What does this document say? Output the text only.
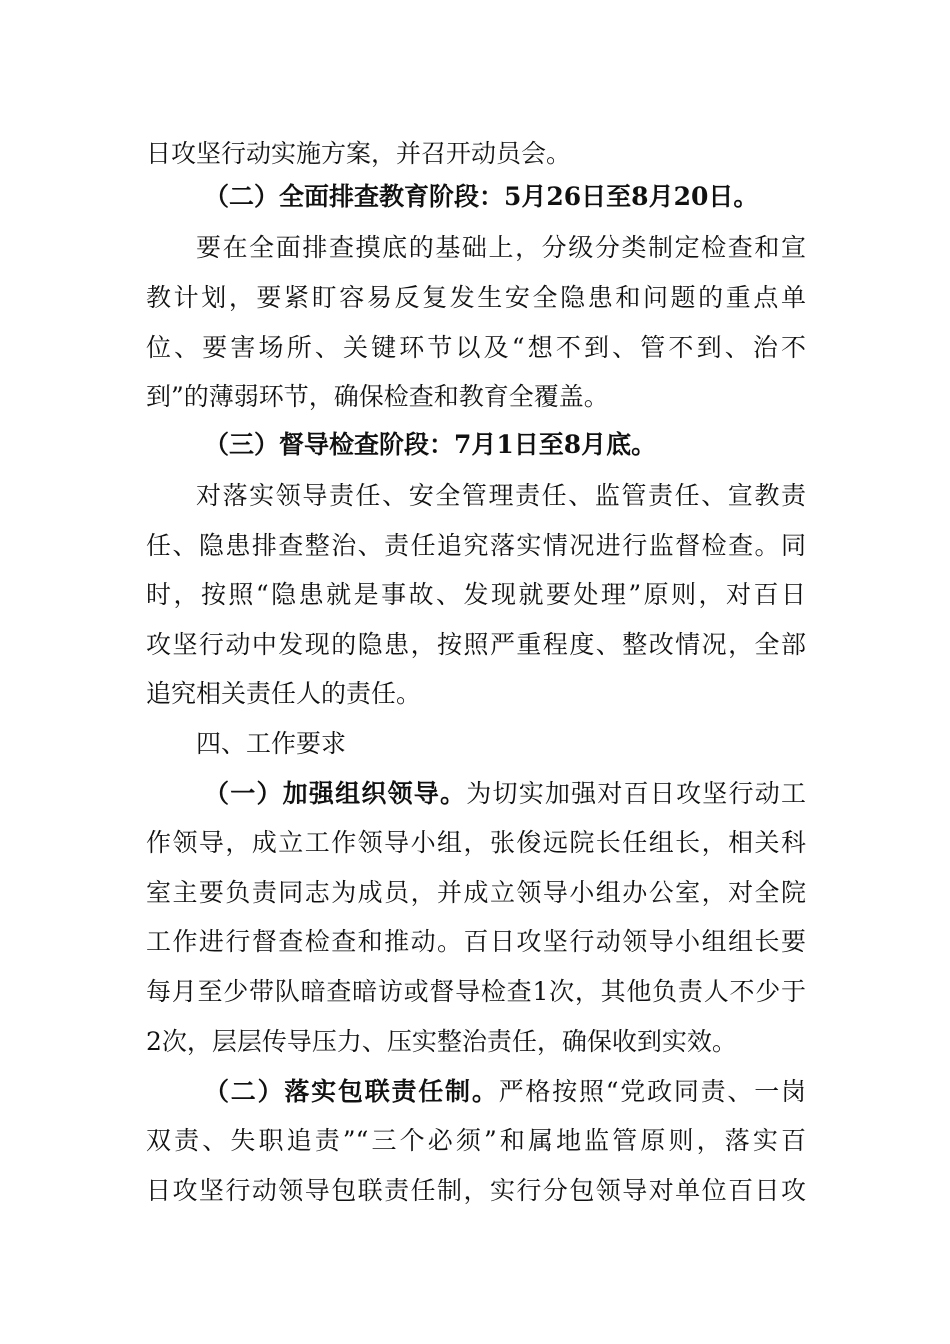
日攻坚行动实施方案，并召开动员会。
（二）全面排查教育阶段：5月26日至8月20日。
要在全面排查摸底的基础上，分级分类制定检查和宣
教计划，要紧盯容易反复发生安全隐患和问题的重点单
位、要害场所、关键环节以及“想不到、管不到、治不
到”的薄弱环节，确保检查和教育全覆盖。
（三）督导检查阶段：7月1日至8月底。
对落实领导责任、安全管理责任、监管责任、宣教责
任、隐患排查整治、责任追究落实情况进行监督检查。同
时，按照“隐患就是事故、发现就要处理”原则，对百日
攻坚行动中发现的隐患，按照严重程度、整改情况，全部
追究相关责任人的责任。
四、工作要求
（一）加强组织领导。为切实加强对百日攻坚行动工
作领导，成立工作领导小组，张俊远院长任组长，相关科
室主要负责同志为成员，并成立领导小组办公室，对全院
工作进行督查检查和推动。百日攻坚行动领导小组组长要
每月至少带队暗查暗访或督导检查1次，其他负责人不少于
2次，层层传导压力、压实整治责任，确保收到实效。
（二）落实包联责任制。严格按照“党政同责、一岗
双责、失职追责”“三个必须”和属地监管原则，落实百
日攻坚行动领导包联责任制，实行分包领导对单位百日攻
